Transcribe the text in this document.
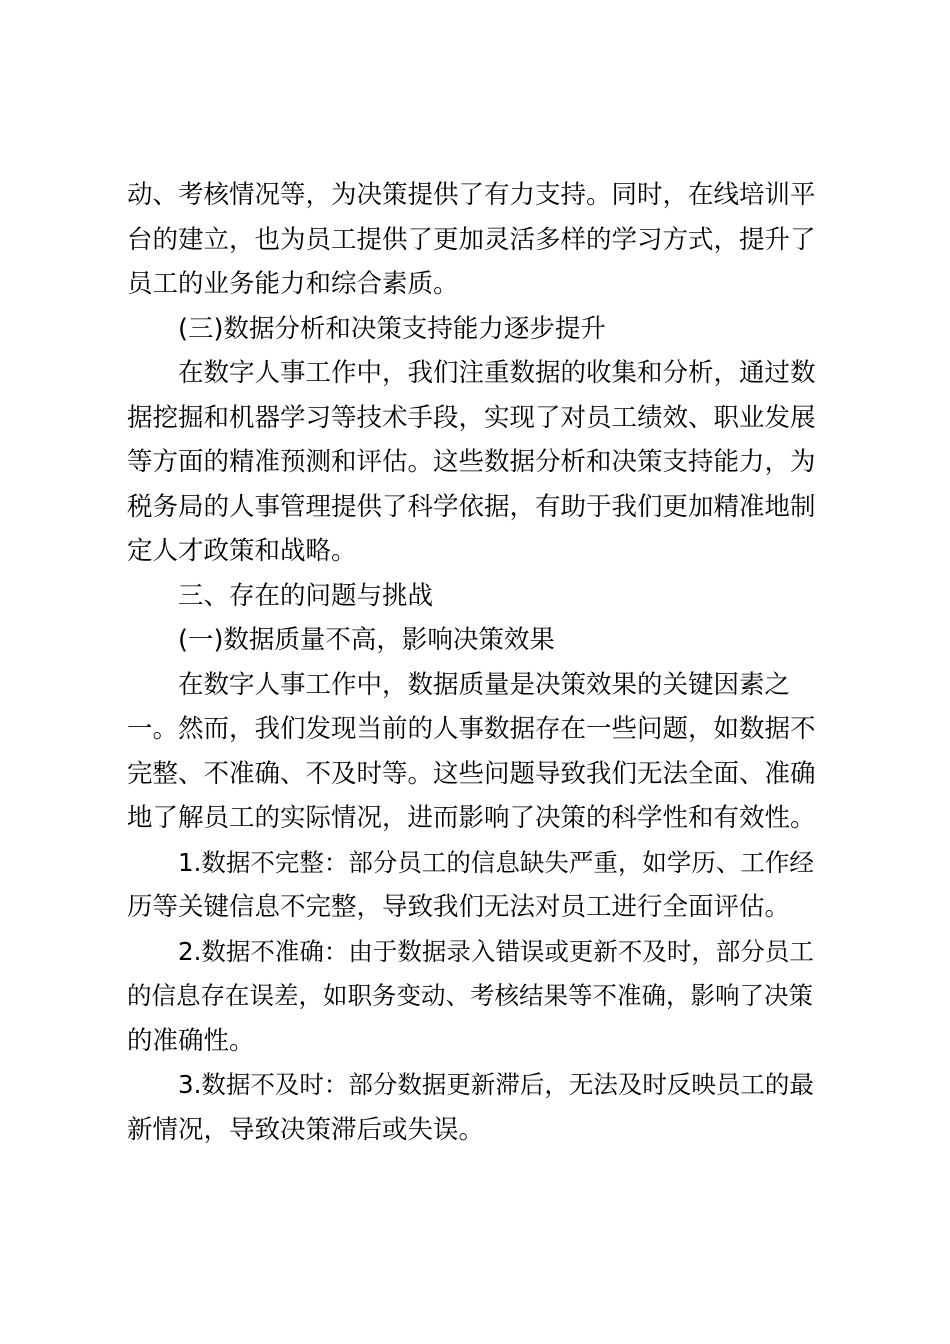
动、考核情况等，为决策提供了有力支持。同时，在线培训平
台的建立，也为员工提供了更加灵活多样的学习方式，提升了
员工的业务能力和综合素质。
(三)数据分析和决策支持能力逐步提升
在数字人事工作中，我们注重数据的收集和分析，通过数
据挖掘和机器学习等技术手段，实现了对员工绩效、职业发展
等方面的精准预测和评估。这些数据分析和决策支持能力，为
税务局的人事管理提供了科学依据，有助于我们更加精准地制
定人才政策和战略。
三、存在的问题与挑战
(一)数据质量不高，影响决策效果
在数字人事工作中，数据质量是决策效果的关键因素之
一。然而，我们发现当前的人事数据存在一些问题，如数据不
完整、不准确、不及时等。这些问题导致我们无法全面、准确
地了解员工的实际情况，进而影响了决策的科学性和有效性。
1.数据不完整：部分员工的信息缺失严重，如学历、工作经
历等关键信息不完整，导致我们无法对员工进行全面评估。
2.数据不准确：由于数据录入错误或更新不及时，部分员工
的信息存在误差，如职务变动、考核结果等不准确，影响了决策
的准确性。
3.数据不及时：部分数据更新滞后，无法及时反映员工的最
新情况，导致决策滞后或失误。
